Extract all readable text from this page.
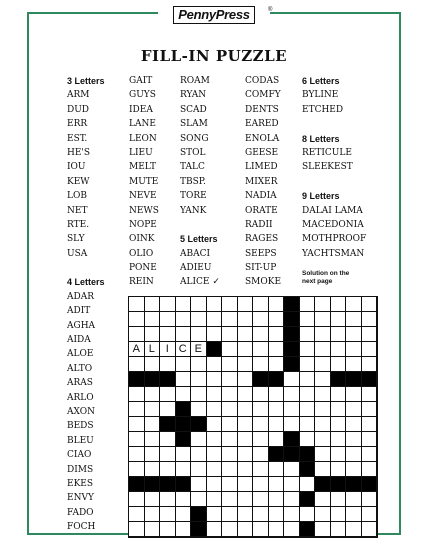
PennyPress	®
FILL-IN PUZZLE
3 Letters
ARM
DUD
ERR
EST.
HE'S
IOU
KEW
LOB
NET
RTE.
SLY
USA
4 Letters
ADAR
ADIT
AGHA
AIDA
ALOE
ALTO
ARAS
ARLO
AXON
BEDS
BLEU
CIAO
DIMS
EKES
ENVY
FADO
FOCH
GAIT
GUYS
IDEA
LANE
LEON
LIEU
MELT
MUTE
NEVE
NEWS
NOPE
OINK
OLIO
PONE
REIN
ROAM
RYAN
SCAD
SLAM
SONG
STOL
TALC
TBSP.
TORE
YANK
5 Letters
ABACI
ADIEU
ALICE ✓
CODAS
COMFY
DENTS
EARED
ENOLA
GEESE
LIMED
MIXER
NADIA
ORATE
RADII
RAGES
SEEPS
SIT-UP
SMOKE
6 Letters
BYLINE
ETCHED
8 Letters
RETICULE
SLEEKEST
9 Letters
DALAI LAMA
MACEDONIA
MOTHPROOF
YACHTSMAN
Solution on the
next page
A L I C E
